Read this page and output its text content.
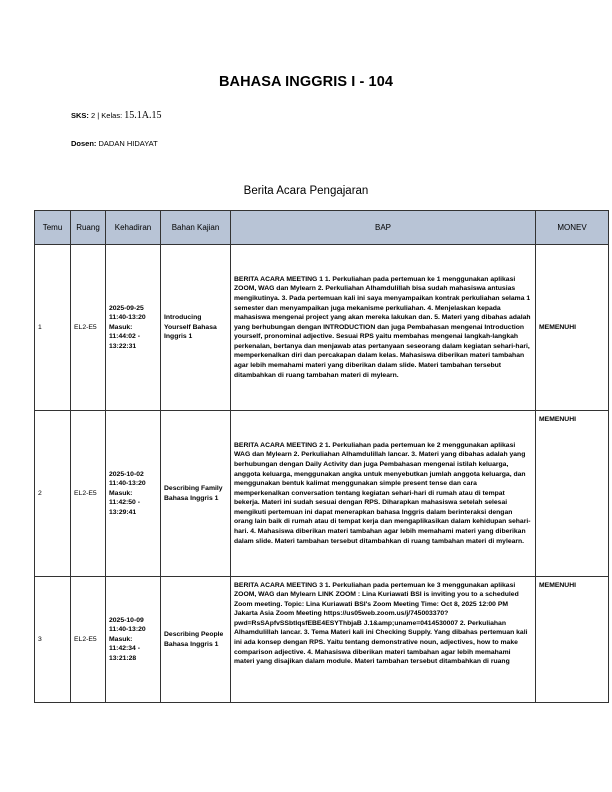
BAHASA INGGRIS I - 104
SKS: 2 | Kelas: 15.1A.15
Dosen: DADAN HIDAYAT
Berita Acara Pengajaran
Temu	Ruang	Kehadiran	Bahan Kajian	BAP	MONEV
1	EL2-E5	2025-09-25 11:40-13:20 Masuk: 11:44:02 - 13:22:31	Introducing Yourself Bahasa Inggris 1	BERITA ACARA MEETING 1 1. Perkuliahan pada pertemuan ke 1 menggunakan aplikasi ZOOM, WAG dan Mylearn 2. Perkuliahan Alhamdulillah bisa sudah mahasiswa antusias mengikutinya. 3. Pada pertemuan kali ini saya menyampaikan kontrak perkuliahan selama 1 semester dan menyampaikan juga mekanisme perkuliahan. 4. Menjelaskan kepada mahasiswa mengenai project yang akan mereka lakukan dan. 5. Materi yang dibahas adalah yang berhubungan dengan INTRODUCTION dan juga Pembahasan mengenai Introduction yourself, pronominal adjective. Sesuai RPS yaitu membahas mengenai langkah-langkah perkenalan, bertanya dan menjawab atas pertanyaan seseorang dalam kegiatan sehari-hari, memperkenalkan diri dan percakapan dalam kelas. Mahasiswa diberikan materi tambahan agar lebih memahami materi yang diberikan dalam slide. Materi tambahan tersebut ditambahkan di ruang tambahan materi di mylearn.	MEMENUHI
2	EL2-E5	2025-10-02 11:40-13:20 Masuk: 11:42:50 - 13:29:41	Describing Family Bahasa Inggris 1	BERITA ACARA MEETING 2 1. Perkuliahan pada pertemuan ke 2 menggunakan aplikasi WAG dan Mylearn 2. Perkuliahan Alhamdulillah lancar. 3. Materi yang dibahas adalah yang berhubungan dengan Daily Activity dan juga Pembahasan mengenai istilah keluarga, anggota keluarga, menggunakan angka untuk menyebutkan jumlah anggota keluarga, dan menggunakan bentuk kalimat menggunakan simple present tense dan cara memperkenalkan conversation tentang kegiatan sehari-hari di rumah atau di tempat bekerja. Materi ini sudah sesuai dengan RPS. Diharapkan mahasiswa setelah selesai mengikuti pertemuan ini dapat menerapkan bahasa Inggris dalam berinteraksi dengan orang lain baik di rumah atau di tempat kerja dan mengaplikasikan dalam kehidupan sehari-hari. 4. Mahasiswa diberikan materi tambahan agar lebih memahami materi yang diberikan dalam slide. Materi tambahan tersebut ditambahkan di ruang tambahan materi di mylearn.	MEMENUHI
3	EL2-E5	2025-10-09 11:40-13:20 Masuk: 11:42:34 - 13:21:28	Describing People Bahasa Inggris 1	BERITA ACARA MEETING 3 1. Perkuliahan pada pertemuan ke 3 menggunakan aplikasi ZOOM, WAG dan Mylearn LINK ZOOM : Lina Kuriawati BSI is inviting you to a scheduled Zoom meeting. Topic: Lina Kuriawati BSI's Zoom Meeting Time: Oct 8, 2025 12:00 PM Jakarta Asia Zoom Meeting https://us05web.zoom.us/j/745003370?pwd=RsSApfvSSbtlqsfEBE4ESYThbjaB J.1&amp;uname=0414530007 2. Perkuliahan Alhamdulillah lancar. 3. Tema Materi kali ini Checking Supply. Yang dibahas pertemuan kali ini ada konsep dengan RPS. Yaitu tentang demonstrative noun, adjectives, how to make comparison adjective. 4. Mahasiswa diberikan materi tambahan agar lebih memahami materi yang disajikan dalam module. Materi tambahan tersebut ditambahkan di ruang	MEMENUHI
